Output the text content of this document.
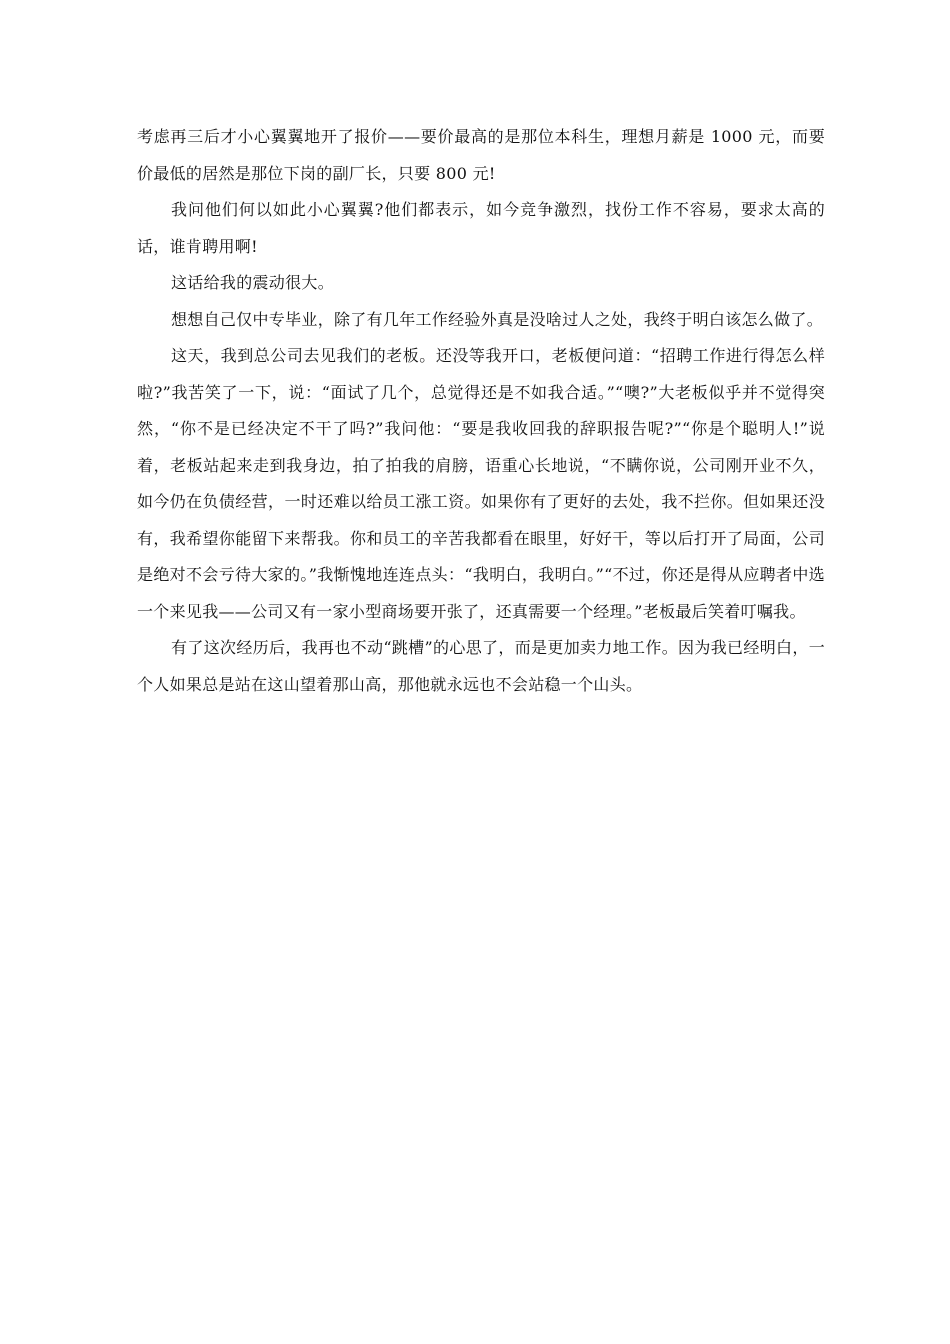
考虑再三后才小心翼翼地开了报价——要价最高的是那位本科生，理想月薪是 1000 元，而要价最低的居然是那位下岗的副厂长，只要 800 元!

我问他们何以如此小心翼翼?他们都表示，如今竞争激烈，找份工作不容易，要求太高的话，谁肯聘用啊!

这话给我的震动很大。

想想自己仅中专毕业，除了有几年工作经验外真是没啥过人之处，我终于明白该怎么做了。

这天，我到总公司去见我们的老板。还没等我开口，老板便问道：“招聘工作进行得怎么样啦?”我苦笑了一下，说：“面试了几个，总觉得还是不如我合适。”“噢?”大老板似乎并不觉得突然，“你不是已经决定不干了吗?”我问他：“要是我收回我的辞职报告呢?”“你是个聪明人!”说着，老板站起来走到我身边，拍了拍我的肩膀，语重心长地说，“不瞒你说，公司刚开业不久，如今仍在负债经营，一时还难以给员工涨工资。如果你有了更好的去处，我不拦你。但如果还没有，我希望你能留下来帮我。你和员工的辛苦我都看在眼里，好好干，等以后打开了局面，公司是绝对不会亏待大家的。”我惭愧地连连点头：“我明白，我明白。”“不过，你还是得从应聘者中选一个来见我——公司又有一家小型商场要开张了，还真需要一个经理。”老板最后笑着叮嘱我。

有了这次经历后，我再也不动“跳槽”的心思了，而是更加卖力地工作。因为我已经明白，一个人如果总是站在这山望着那山高，那他就永远也不会站稳一个山头。
